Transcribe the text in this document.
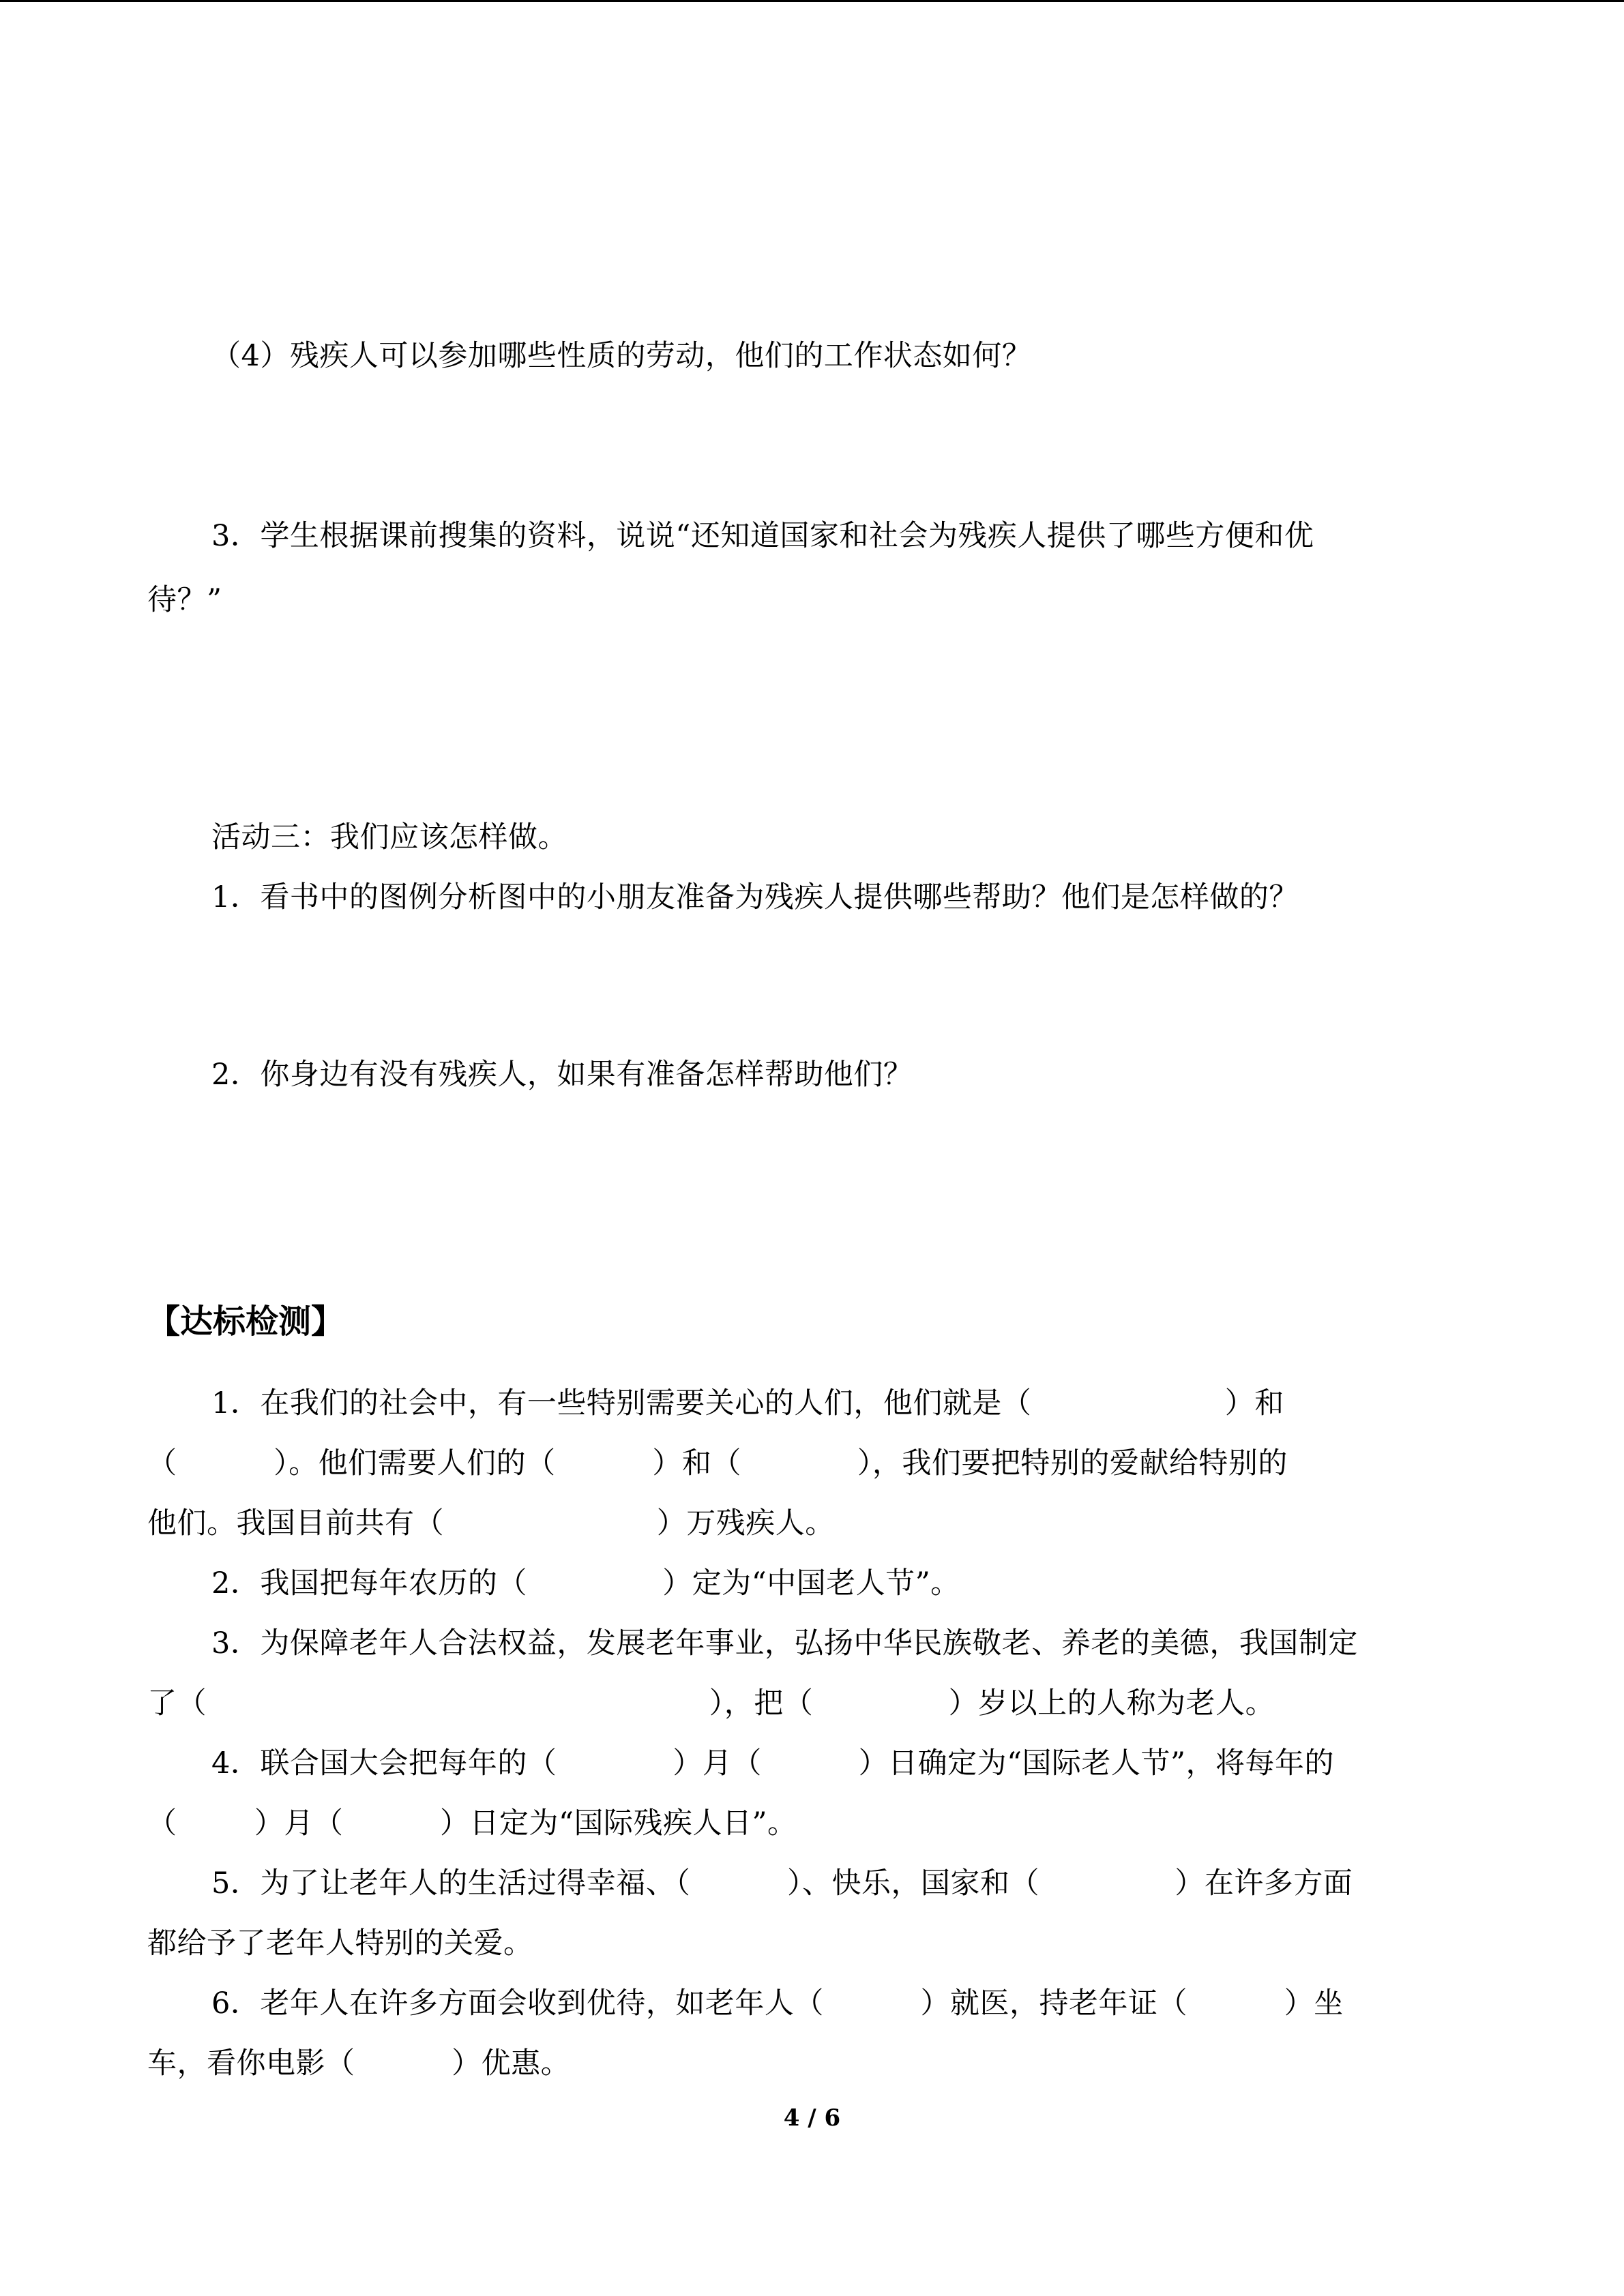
（4）残疾人可以参加哪些性质的劳动，他们的工作状态如何？
3．学生根据课前搜集的资料，说说“还知道国家和社会为残疾人提供了哪些方便和优
待？”
活动三：我们应该怎样做。
1．看书中的图例分析图中的小朋友准备为残疾人提供哪些帮助？他们是怎样做的？
2．你身边有没有残疾人，如果有准备怎样帮助他们？
【达标检测】
1．在我们的社会中，有一些特别需要关心的人们，他们就是（                    ）和
（          ）。他们需要人们的（          ）和（            ），我们要把特别的爱献给特别的
他们。我国目前共有（                      ）万残疾人。
2．我国把每年农历的（              ）定为“中国老人节”。
3．为保障老年人合法权益，发展老年事业，弘扬中华民族敬老、养老的美德，我国制定
了（                                                    ），把（              ）岁以上的人称为老人。
4．联合国大会把每年的（            ）月（          ）日确定为“国际老人节”，将每年的
（        ）月（          ）日定为“国际残疾人日”。
5．为了让老年人的生活过得幸福、（          ）、快乐，国家和（              ）在许多方面
都给予了老年人特别的关爱。
6．老年人在许多方面会收到优待，如老年人（          ）就医，持老年证（          ）坐
车，看你电影（          ）优惠。
4 / 6
